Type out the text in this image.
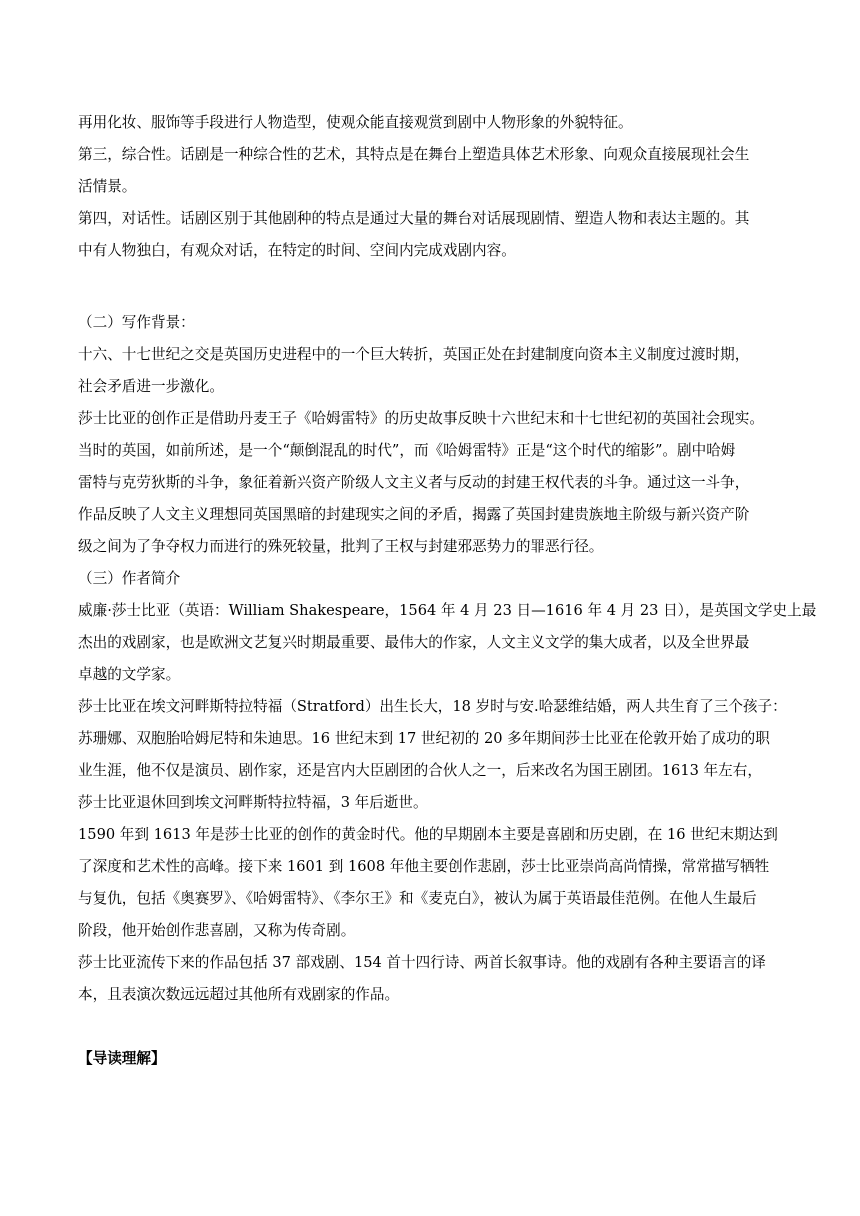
再用化妆、服饰等手段进行人物造型，使观众能直接观赏到剧中人物形象的外貌特征。
第三，综合性。话剧是一种综合性的艺术，其特点是在舞台上塑造具体艺术形象、向观众直接展现社会生
活情景。
第四，对话性。话剧区别于其他剧种的特点是通过大量的舞台对话展现剧情、塑造人物和表达主题的。其
中有人物独白，有观众对话，在特定的时间、空间内完成戏剧内容。
（二）写作背景：
十六、十七世纪之交是英国历史进程中的一个巨大转折，英国正处在封建制度向资本主义制度过渡时期，
社会矛盾进一步激化。
莎士比亚的创作正是借助丹麦王子《哈姆雷特》的历史故事反映十六世纪末和十七世纪初的英国社会现实。
当时的英国，如前所述，是一个“颠倒混乱的时代”，而《哈姆雷特》正是“这个时代的缩影”。剧中哈姆
雷特与克劳狄斯的斗争，象征着新兴资产阶级人文主义者与反动的封建王权代表的斗争。通过这一斗争，
作品反映了人文主义理想同英国黑暗的封建现实之间的矛盾，揭露了英国封建贵族地主阶级与新兴资产阶
级之间为了争夺权力而进行的殊死较量，批判了王权与封建邪恶势力的罪恶行径。
（三）作者简介
威廉·莎士比亚（英语：William Shakespeare，1564 年 4 月 23 日—1616 年 4 月 23 日），是英国文学史上最
杰出的戏剧家，也是欧洲文艺复兴时期最重要、最伟大的作家，人文主义文学的集大成者，以及全世界最
卓越的文学家。
莎士比亚在埃文河畔斯特拉特福（Stratford）出生长大，18 岁时与安.哈瑟维结婚，两人共生育了三个孩子：
苏珊娜、双胞胎哈姆尼特和朱迪思。16 世纪末到 17 世纪初的 20 多年期间莎士比亚在伦敦开始了成功的职
业生涯，他不仅是演员、剧作家，还是宫内大臣剧团的合伙人之一，后来改名为国王剧团。1613 年左右，
莎士比亚退休回到埃文河畔斯特拉特福，3 年后逝世。
1590 年到 1613 年是莎士比亚的创作的黄金时代。他的早期剧本主要是喜剧和历史剧，在 16 世纪末期达到
了深度和艺术性的高峰。接下来 1601 到 1608 年他主要创作悲剧，莎士比亚崇尚高尚情操，常常描写牺牲
与复仇，包括《奥赛罗》、《哈姆雷特》、《李尔王》和《麦克白》，被认为属于英语最佳范例。在他人生最后
阶段，他开始创作悲喜剧，又称为传奇剧。
莎士比亚流传下来的作品包括 37 部戏剧、154 首十四行诗、两首长叙事诗。他的戏剧有各种主要语言的译
本，且表演次数远远超过其他所有戏剧家的作品。
【导读理解】
